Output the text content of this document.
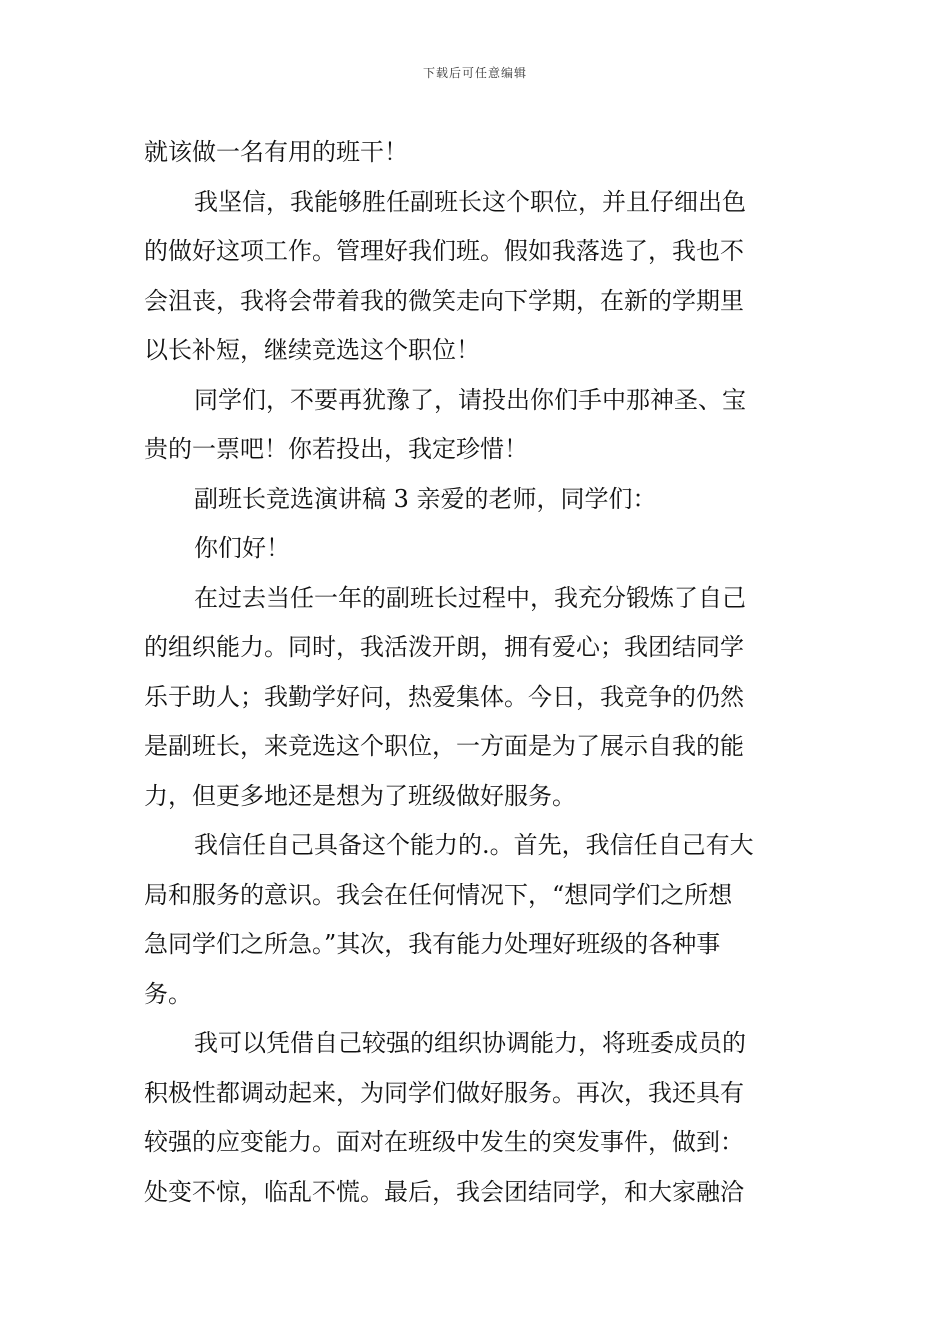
下载后可任意编辑
就该做一名有用的班干！
我坚信，我能够胜任副班长这个职位，并且仔细出色
的做好这项工作。管理好我们班。假如我落选了，我也不
会沮丧，我将会带着我的微笑走向下学期，在新的学期里
以长补短，继续竞选这个职位！
同学们，不要再犹豫了，请投出你们手中那神圣、宝
贵的一票吧！你若投出，我定珍惜！
副班长竞选演讲稿 3 亲爱的老师，同学们：
你们好！
在过去当任一年的副班长过程中，我充分锻炼了自己
的组织能力。同时，我活泼开朗，拥有爱心；我团结同学
乐于助人；我勤学好问，热爱集体。今日，我竞争的仍然
是副班长，来竞选这个职位，一方面是为了展示自我的能
力，但更多地还是想为了班级做好服务。
我信任自己具备这个能力的.。首先，我信任自己有大
局和服务的意识。我会在任何情况下，“想同学们之所想
急同学们之所急。”其次，我有能力处理好班级的各种事
务。
我可以凭借自己较强的组织协调能力，将班委成员的
积极性都调动起来，为同学们做好服务。再次，我还具有
较强的应变能力。面对在班级中发生的突发事件，做到：
处变不惊，临乱不慌。最后，我会团结同学，和大家融洽
